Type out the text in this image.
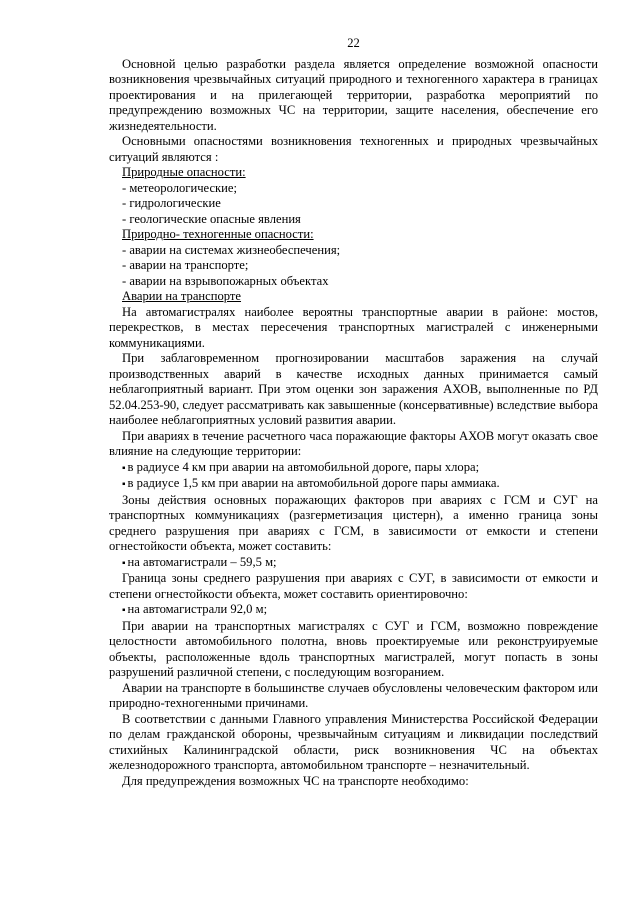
22

Основной целью разработки раздела является определение возможной опасности возникновения чрезвычайных ситуаций природного и техногенного характера в границах проектирования и на прилегающей территории, разработка мероприятий по предупреждению возможных ЧС на территории, защите населения, обеспечение его жизнедеятельности.

Основными опасностями возникновения техногенных и природных чрезвычайных ситуаций являются :

Природные опасности:

- метеорологические;

- гидрологические

- геологические опасные явления

Природно- техногенные опасности:

- аварии на системах жизнеобеспечения;

- аварии на транспорте;

- аварии на взрывопожарных объектах

Аварии на транспорте

На автомагистралях наиболее вероятны транспортные аварии в районе: мостов, перекрестков, в местах пересечения транспортных магистралей с инженерными коммуникациями.

При заблаговременном прогнозировании масштабов заражения на случай производственных аварий в качестве исходных данных принимается самый неблагоприятный вариант. При этом оценки зон заражения АХОВ, выполненные по РД 52.04.253-90, следует рассматривать как завышенные (консервативные) вследствие выбора наиболее неблагоприятных условий развития аварии.

При авариях в течение расчетного часа поражающие факторы АХОВ могут оказать свое влияние на следующие территории:

▪ в радиусе 4 км при аварии на автомобильной дороге, пары хлора;

▪ в радиусе 1,5 км при аварии на автомобильной дороге пары аммиака.

Зоны действия основных поражающих факторов при авариях с ГСМ и СУГ на транспортных коммуникациях (разгерметизация цистерн), а именно граница зоны среднего разрушения при авариях с ГСМ, в зависимости от емкости и степени огнестойкости объекта, может составить:

▪ на автомагистрали – 59,5 м;

Граница зоны среднего разрушения при авариях с СУГ, в зависимости от емкости и степени огнестойкости объекта, может составить ориентировочно:

▪ на автомагистрали 92,0 м;

При аварии на транспортных магистралях с СУГ и ГСМ, возможно повреждение целостности автомобильного полотна, вновь проектируемые или реконструируемые объекты, расположенные вдоль транспортных магистралей, могут попасть в зоны разрушений различной степени, с последующим возгоранием.

Аварии на транспорте в большинстве случаев обусловлены человеческим фактором или природно-техногенными причинами.

В соответствии с данными Главного управления Министерства Российской Федерации по делам гражданской обороны, чрезвычайным ситуациям и ликвидации последствий стихийных Калининградской области, риск возникновения ЧС на объектах железнодорожного транспорта, автомобильном транспорте – незначительный.

Для предупреждения возможных ЧС на транспорте необходимо:
